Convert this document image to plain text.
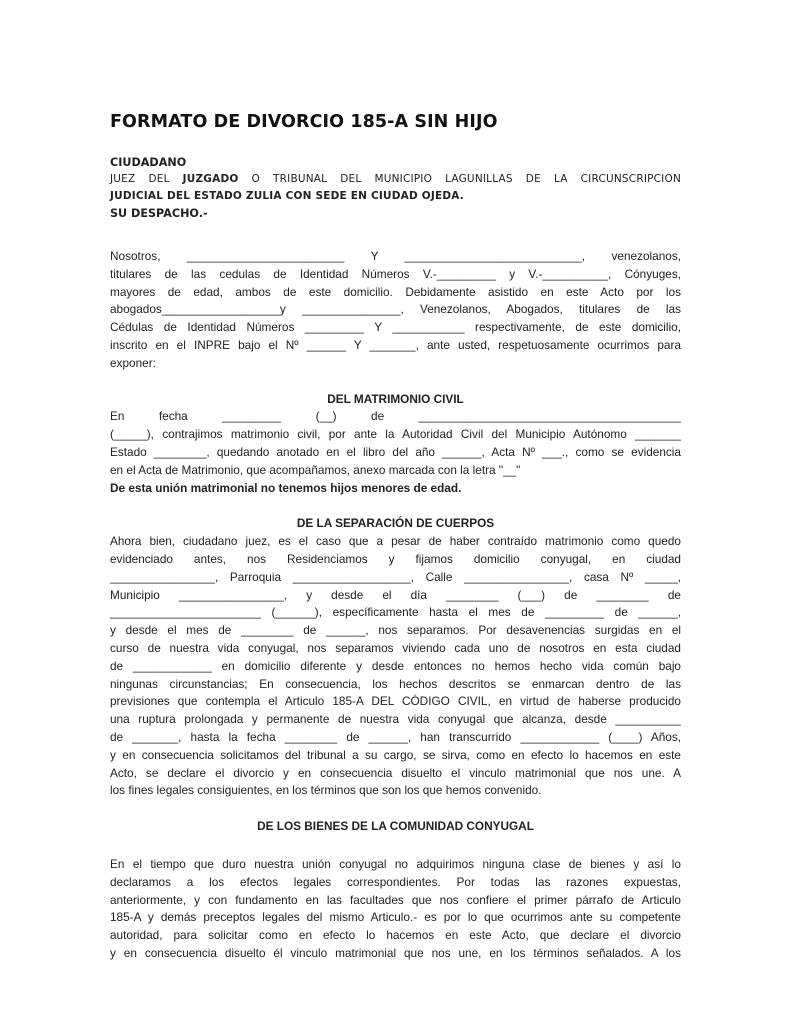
FORMATO DE DIVORCIO 185-A SIN HIJO
CIUDADANO
JUEZ DEL JUZGADO O TRIBUNAL DEL MUNICIPIO LAGUNILLAS DE LA CIRCUNSCRIPCION
JUDICIAL DEL ESTADO ZULIA CON SEDE EN CIUDAD OJEDA.
SU DESPACHO.-
Nosotros, ________________________ Y ___________________________, venezolanos,
titulares de las cedulas de Identidad Números V.-_________ y V.-__________, Cónyuges,
mayores de edad, ambos de este domicilio. Debidamente asistido en este Acto por los
abogados__________________y _______________, Venezolanos, Abogados, titulares de las
Cédulas de Identidad Números _________ Y ___________ respectivamente, de este domicilio,
inscrito en el INPRE bajo el Nº ______ Y _______, ante usted, respetuosamente ocurrimos para
exponer:
DEL MATRIMONIO CIVIL
En fecha _________ (__) de ________________________________________
(_____), contrajimos matrimonio civil, por ante la Autoridad Civil del Municipio Autónomo _______
Estado ________, quedando anotado en el libro del año ______, Acta Nº ___., como se evidencia
en el Acta de Matrimonio, que acompañamos, anexo marcada con la letra "__"
De esta unión matrimonial no tenemos hijos menores de edad.
DE LA SEPARACIÓN DE CUERPOS
Ahora bien, ciudadano juez, es el caso que a pesar de haber contraído matrimonio como quedo
evidenciado antes, nos Residenciamos y fijamos domicilio conyugal, en ciudad
________________, Parroquia __________________, Calle ________________, casa Nº _____,
Municipio ________________, y desde el día ________ (___) de ________ de
_______________________ (______), específicamente hasta el mes de _________ de ______,
y desde el mes de ________ de ______, nos separamos. Por desavenencias surgidas en el
curso de nuestra vida conyugal, nos separamos viviendo cada uno de nosotros en esta ciudad
de ____________ en domicilio diferente y desde entonces no hemos hecho vida común bajo
ningunas circunstancias; En consecuencia, los hechos descritos se enmarcan dentro de las
previsiones que contempla el Articulo 185-A DEL CÓDIGO CIVIL, en virtud de haberse producido
una ruptura prolongada y permanente de nuestra vida conyugal que alcanza, desde __________
de _______, hasta la fecha ________ de ______, han transcurrido ____________ (____) Años,
y en consecuencia solicitamos del tribunal a su cargo, se sirva, como en efecto lo hacemos en este
Acto, se declare el divorcio y en consecuencia disuelto el vinculo matrimonial que nos une. A
los fines legales consiguientes, en los términos que son los que hemos convenido.
DE LOS BIENES DE LA COMUNIDAD CONYUGAL
En el tiempo que duro nuestra unión conyugal no adquirimos ninguna clase de bienes y así lo
declaramos a los efectos legales correspondientes. Por todas las razones expuestas,
anteriormente, y con fundamento en las facultades que nos confiere el primer párrafo de Articulo
185-A y demás preceptos legales del mismo Articulo.- es por lo que ocurrimos ante su competente
autoridad, para solicitar como en efecto lo hacemos en este Acto, que declare el divorcio
y en consecuencia disuelto él vinculo matrimonial que nos une, en los términos señalados. A los
